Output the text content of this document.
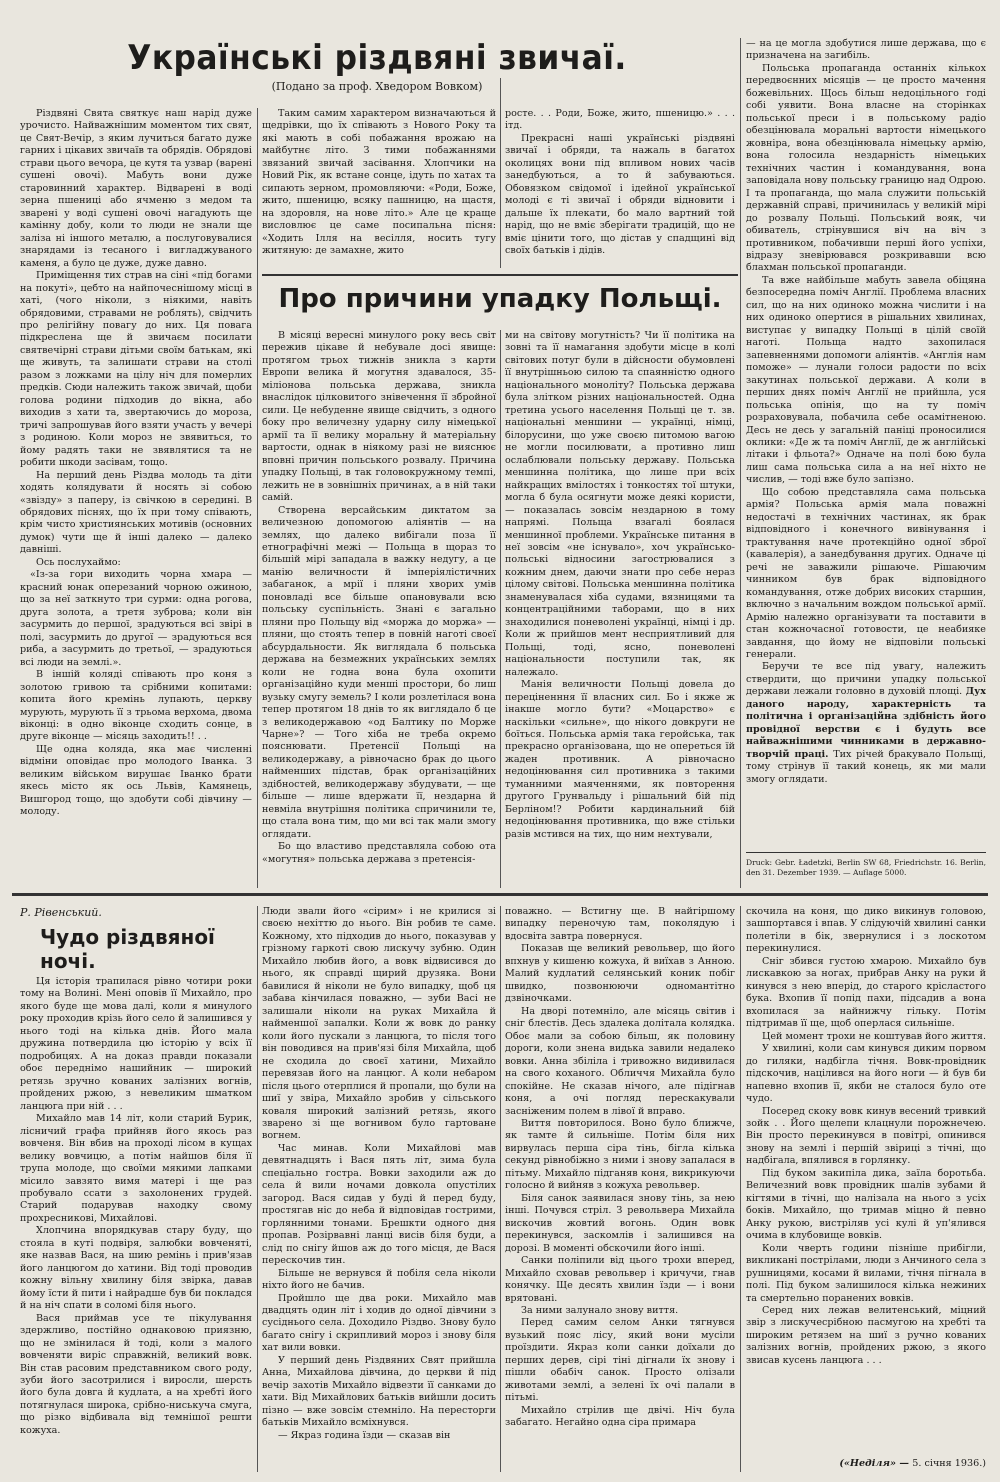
Українські різдвяні звичаї.

(Подано за проф. Хведором Вовком)

Різдвяні Свята святкує наш нарід дуже урочисто. Найважнішим моментом тих свят, це Свят-Вечір, з яким лучиться багато дуже гарних і цікавих звичаїв та обрядів. Обрядові страви цього вечора, це кутя та узвар (варені сушені овочі). Мабуть вони дуже старовинний характер. Відварені в воді зерна пшениці або ячменю з медом та зварені у воді сушені овочі нагадують ще камінну добу, коли то люди не знали ще заліза ні іншого металю, а послуговувалися знарядами із тесаного і вигладжуваного каменя, а було це дуже, дуже давно.

Приміщення тих страв на сіні «під богами на покуті», цебто на найпочеснішому місці в хаті, (чого ніколи, з ніякими, навіть обрядовими, стравами не роблять), свідчить про релігійну повагу до них. Ця повага підкреслена ще й звичаєм посилати святвечірні страви дітьми своїм батькам, які ще живуть, та залишати страви на столі разом з ложками на цілу ніч для померлих предків. Сюди належить також звичай, щоби голова родини підходив до вікна, або виходив з хати та, звертаючись до мороза, тричі запрошував його взяти участь у вечері з родиною. Коли мороз не звявиться, то йому радять таки не звявлятися та не робити шкоди засівам, тощо.

На перший день Різдва молодь та діти ходять колядувати й носять зі собою «звізду» з паперу, із свічкою в середині. В обрядових піснях, що їх при тому співають, крім чисто християнських мотивів (основних думок) чути ще й інші далеко — далеко давніші.

Ось послухаймо:

«Із-за гори виходить чорна хмара — красний юнак оперезаний чорною ожиною, що за неї заткнуто три сурми: одна рогова, друга золота, а третя зуброва; коли він засурмить до першої, зрадуються всі звірі в полі, засурмить до другої — зрадуються вся риба, а засурмить до третьої, — зрадуються всі люди на землі.».

В іншій коляді співають про коня з золотою гривою та срібними копитами: копита його кремінь лупають, церкву мурують, мурують її з трьома верхома, двома віконці: в одно віконце сходить сонце, в друге віконце — місяць заходить!! . .

Ще одна коляда, яка має численні відміни оповідає про молодого Іванка. З великим військом вирушає Іванко брати якесь місто як ось Львів, Камянець, Вишгород тощо, що здобути собі дівчину — молоду.

Таким самим характером визначаються й щедрівки, що їх співають з Нового Року та які мають в собі побажання врожаю на майбутнє літо. З тими побажаннями звязаний звичай засівання. Хлопчики на Новий Рік, як встане сонце, ідуть по хатах та сипають зерном, промовляючи: «Роди, Боже, жито, пшеницю, всяку пашницю, на щастя, на здоровля, на нове літо.» Але це краще висловлює це саме посипальна пісня: «Ходить Ілля на весілля, носить тугу житяную: де замахне, жито

росте. . . Роди, Боже, жито, пшеницю.» . . . ітд.

Прекрасні наші українські різдвяні звичаї і обряди, та нажаль в багатох околицях вони під впливом нових часів занедбуються, а то й забуваються. Обовязком свідомої і ідейної української молоді є ті звичаї і обряди відновити і дальше їх плекати, бо мало вартний той нарід, що не вміє зберігати традицій, що не вміє цінити того, що дістав у спадщині від своїх батьків і дідів.

Про причини упадку Польщі.

В місяці вересні минулого року весь світ пережив цікаве й небувале досі явище: протягом трьох тижнів зникла з карти Европи велика й могутня здавалося, 35-міліонова польська держава, зникла внаслідок цілковитого знівечення її збройної сили. Це небуденне явище свідчить, з одного боку про величезну ударну силу німецької армії та її велику моральну й матеріальну вартости, однак в ніякому разі не вияснює вповні причин польського розвалу. Причина упадку Польщі, в так головокружному темпі, лежить не в зовнішніх причинах, а в ній таки самій.

Створена версайським диктатом за величезною допомогою аліянтів — на землях, що далеко вибігали поза її етнографічні межі — Польща в щораз то більшій мірі западала в важку недугу, а це манію величности й імперіялістичних забаганок, а мрії і пляни хворих умів поновладі все більше опановували всю польську суспільність. Знані є загально пляни про Польщу від «моржа до моржа» — пляни, що стоять тепер в повній наготі своєї абсурдальности. Як виглядала б польська держава на безмежних українських землях коли не годна вона була охопити організаційно куди менші простори, бо лиш вузьку смугу земель? І коли розлетілася вона тепер протягом 18 днів то як виглядало б це з великодержавою «од Балтику по Морже Чарне»? — Того хіба не треба окремо пояснювати. Претенсії Польщі на великодержаву, а рівночасно брак до цього найменших підстав, брак організаційних здібностей, великодержаву збудувати, — ще більше — лише вдержати її, нездарна й невміла внутрішня політика спричинили те, що стала вона тим, що ми всі так мали змогу оглядати.

Бо що властиво представляла собою ота «могутня» польська держава з претенсія-

ми на світову могутність? Чи її політика на зовні та її намагання здобути місце в колі світових потуг були в дійсности обумовлені її внутрішньою силою та спаянністю одного національного моноліту? Польська держава була злітком різних національностей. Одна третина усього населення Польщі це т. зв. національні меншини — українці, німці, білорусини, що уже своєю питомою вагою не могли посилювати, а противно лиш ослаблювали польську державу. Польська меншинна політика, що лише при всіх найкращих вмілостях і тонкостях тої штуки, могла б була осягнути може деякі користи, — показалась зовсім нездарною в тому напрямі. Польща взагалі боялася меншинної проблеми. Українське питання в неї зовсім «не існувало», хоч українсько-польські відносини загострювалися з кожним днем, даючи знати про себе нераз цілому світові. Польська меншинна політика знаменувалася хіба судами, вязницями та концентраційними таборами, що в них знаходилися поневолені українці, німці і др. Коли ж прийшов мент несприятливий для Польщі, тоді, ясно, поневолені національности поступили так, як належало.

Манія величности Польщі довела до переціненння її власних сил. Бо і якже ж інакше могло бути? «Моцарство» є наскільки «сильне», що нікого довкруги не боїться. Польська армія така геройська, так прекрасно організована, що не опереться їй жаден противник. А рівночасно недоцінювання сил противника з такими туманними маяченнями, як повторення другого Грунвальду і рішальний бій під Берліном!? Робити кардинальний бій недоцінювання противника, що вже стільки разів мстився на тих, що ним нехтували,

— на це могла здобутися лише держава, що є призначена на загибіль.

Польська пропаганда останніх кількох передвоєнних місяців — це просто мачення божевільних. Щось більш недоцільного годі собі уявити. Вона власне на сторінках польської преси і в польському радіо обезцінювала моральні вартости німецького жовніра, вона обезцінювала німецьку армію, вона голосила нездарність німецьких технічних частин і командування, вона заповідала нову польську границю над Одрою. І та пропаганда, що мала служити польській державній справі, причинилась у великій мірі до розвалу Польщі. Польський вояк, чи обиватель, стрінувшися віч на віч з противником, побачивши перші його успіхи, відразу зневірювався розкривавши всю блахман польської пропаганди.

Та вже найбільше мабуть завела обіцяна безпосередна поміч Англії. Проблема власних сил, що на них одиноко можна числити і на них одиноко опертися в рішальних хвилинах, виступає у випадку Польщі в цілій своїй наготі. Польща надто захопилася запевненнями допомоги аліянтів. «Англія нам поможе» — лунали голоси радости по всіх закутинах польської держави. А коли в перших днях поміч Англії не прийшла, уся польська опінія, що на ту поміч розраховувала, побачила себе осамітненою. Десь не десь у загальній паніці проносилися оклики: «Де ж та поміч Англії, де ж англійські літаки і фльота?» Одначе на полі бою була лиш сама польська сила а на неї ніхто не числив, — тоді вже було запізно.

Що собою представляла сама польська армія? Польська армія мала поважні недостачі в технічних частинах, як брак відповідного і конечного вивінування і трактування наче протекційно одної зброї (кавалерія), а занедбування других. Одначе ці речі не заважили рішаюче. Рішаючим чинником був брак відповідного командування, отже добрих високих старшин, включно з начальним вождом польської армії. Армію належно організувати та поставити в стан кожночасної готовости, це неабияке завдання, що йому не відповіли польські генерали.

Беручи те все під увагу, належить ствердити, що причини упадку польської держави лежали головно в духовій площі. Дух даного народу, характерність та політична і організаційна здібність його провідної верстви є і будуть все найважнішими чинниками в державно-творчій праці. Тих річей бракувало Польщі, тому стрінув її такий конець, як ми мали змогу оглядати.

Druck: Gebr. Ładetzki, Berlin SW 68, Friedrichstr. 16. Berlin, den 31. Dezember 1939. — Auflage 5000.
Р. Рівенський.
Чудо різдвяної ночі.

Ця історія трапилася рівно чотири роки тому на Волині. Мені оповів її Михайло, про якого буде ще мова далі, коли я минулого року проходив крізь його село й залишився у нього тоді на кілька днів. Його мала дружина потвердила цю історію у всіх її подробицях. А на доказ правди показали обоє переднімо нашийник — широкий ретязь зручно кованих залізних вогнів, пройдених ржою, з невеликим шматком ланцюга при ній . . .

Михайло мав 14 літ, коли старий Бурик, лісничий графа прийняв його якось раз вовченя. Він вбив на проході лісом в кущах велику вовчицю, а потім найшов біля її трупа молоде, що своїми мякими лапками місило завзято вимя матері і ще раз пробувало ссати з захолонених грудей. Старий подарував находку свому прохресникові, Михайлові.

Хлопчина впорядкував стару буду, що стояла в куті подвіря, залюбки вовченяті, яке назвав Вася, на шию ремінь і прив'язав його ланцюгом до хатини. Від тоді проводив кожну вільну хвилину біля звірка, давав йому їсти й пити і найрадше був би покладся й на ніч спати в соломі біля нього.

Вася приймав усе те пікулування здержливо, постійно однаковою приязню, що не змінилася й тоді, коли з малого вовченяти виріс справжній, великий вовк. Він став расовим представником свого роду, зуби його засотрилися і виросли, шерсть його була довга й кудлата, а на хребті його потягнулася широка, срібно-ниськуча смуга, що різко відбивала від темнішої решти кожуха.

Люди звали його «сірим» і не крилися зі своєю нехіттю до нього. Він робив те саме. Кожному, хто підходив до нього, показував у грізному гаркоті свою лискучу зубню. Один Михайло любив його, а вовк відвисився до нього, як справді щирий друзяка. Вони бавилися й ніколи не було випадку, щоб ця забава кінчилася поважно, — зуби Васі не залишали ніколи на руках Михайла й найменшої запалки. Коли ж вовк до ранку коли його пускали з ланцюга, то після того він поводився на прив'язі біля Михайла, щоб не сходила до своєї хатини, Михайло перевязав його на ланцюг. А коли небаром після цього отерплися й пропали, що були на шиї у звіра, Михайло зробив у сільського коваля широкий залізний ретязь, якого зварено зі ще вогнивом було гартоване вогнем.

Час минав. Коли Михайлові мав девятнадцять і Вася пять літ, зима була спеціально гостра. Вовки заходили аж до села й вили ночами довкола опустілих загород. Вася сидав у буді й перед буду, простягав ніс до неба й відповідав гострими, горлянними тонами. Брешкти одного дня пропав. Розірвавні ланці висів біля буди, а слід по снігу йшов аж до того місця, де Вася перескочив тин.

Більше не вернувся й побіля села ніколи ніхто його не бачив.

Пройшло ще два роки. Михайло мав двадцять один літ і ходив до одної дівчини з сусіднього села. Доходило Різдво. Знову було багато снігу і скрипливий мороз і знову біля хат вили вовки.

У перший день Різдвяних Свят прийшла Анна, Михайлова дівчина, до церкви й під вечір захотів Михайло відвезти її санками до хати. Від Михайлових батьків вийшли досить пізно — вже зовсім стемніло. На пересторги батьків Михайло всміхнувся.

— Якраз година їзди — сказав він

поважно. — Встигну ще. В найгіршому випадку переночую там, поколядую і вдосвіта завтра повернуся.

Показав ще великий револьвер, що його впхнув у кишеню кожуха, й виїхав з Анною. Малий кудлатий селянський коник побіг швидко, позвонюючи одномантітно дзвіночками.

На дворі потемніло, але місяць світив і сніг блестів. Десь здалека долітала колядка. Обоє мали за собою більш, як половину дороги, коли знена видька завили недалеко вовки. Анна збіліла і тривожно видивилася на свого коханого. Обличчя Михайла було спокійне. Не сказав нічого, але підігнав коня, а очі погляд перескакували засніженим полем в лівої й вправо.

Виття повторилося. Воно було ближче, як тамте й сильніше. Потім біля них вирвулась перша сіра тінь, бігла кілька секунд рівнобіжно з ними і знову запалася в пітьму. Михайло підганяв коня, викрикуючи голосно й вийняв з кожуха револьвер.

Біля санок заявилася знову тінь, за нею інші. Почувся стріл. З револьвера Михайла вискочив жовтий вогонь. Один вовк перекинувся, заскомлів і залишився на дорозі. В моменті обскочили його інші.

Санки поліпили від цього трохи вперед, Михайло сховав револьвер і кричучи, гнав конячку. Ще десять хвилин їзди — і вони врятовані.

За ними залунало знову виття.

Перед самим селом Анки тягнувся вузький пояс лісу, який вони мусіли проїздити. Якраз коли санки доїхали до перших дерев, сірі тіні дігнали їх знову і пішли обабіч санок. Просто олізали животами землі, а зелені їх очі палали в пітьмі.

Михайло стрілив ще двічі. Ніч була забагато. Негайно одна сіра примара

скочила на коня, що дико викинув головою, зашпортався і впав. У слідуючій хвилині санки полетіли в бік, звернулися і з лоскотом перекинулися.

Сніг збився густою хмарою. Михайло був лискавкою за ногах, прибрав Анку на руки й кинувся з нею вперід, до старого крісластого бука. Вхопив її попід пахи, підсадив а вона вхопилася за найнижчу гільку. Потім підтримав її ще, щоб оперлася сильніше.

Цей момент трохи не коштував його життя.

У хвилині, коли сам кинувся диким порвом до гиляки, надбігла тічня. Вовк-провідник підскочив, націлився на його ноги — й був би напевно вхопив її, якби не сталося було оте чудо.

Посеред скоку вовк кинув весений тривкий зойк . . Його щелепи клацнули порожнечею. Він просто перекинувся в повітрі, опинився знову на землі і першій звіриці з тічні, що надбігала, впялився в горлянку.

Під буком закипіла дика, заїла боротьба. Величезний вовк провідник шалів зубами й кігтями в тічні, що налізала на нього з усіх боків. Михайло, що тримав міцно й певно Анку рукою, вистріляв усі кулі й уп'ялився очима в клубовище вовків.

Коли чверть години пізніше прибігли, викликані пострілами, люди з Анчиного села з рушницями, косами й вилами, тічня пігнала в полі. Під буком залишилося кілька нежиних та смертельно поранених вовків.

Серед них лежав велитенський, міцний звір з лискучесрібною пасмугою на хребті та широким ретязем на шиї з ручно кованих залізних вогнів, пройдених ржою, з якого звисав кусень ланцюга . . .

(«Неділя» — 5. січня 1936.)
